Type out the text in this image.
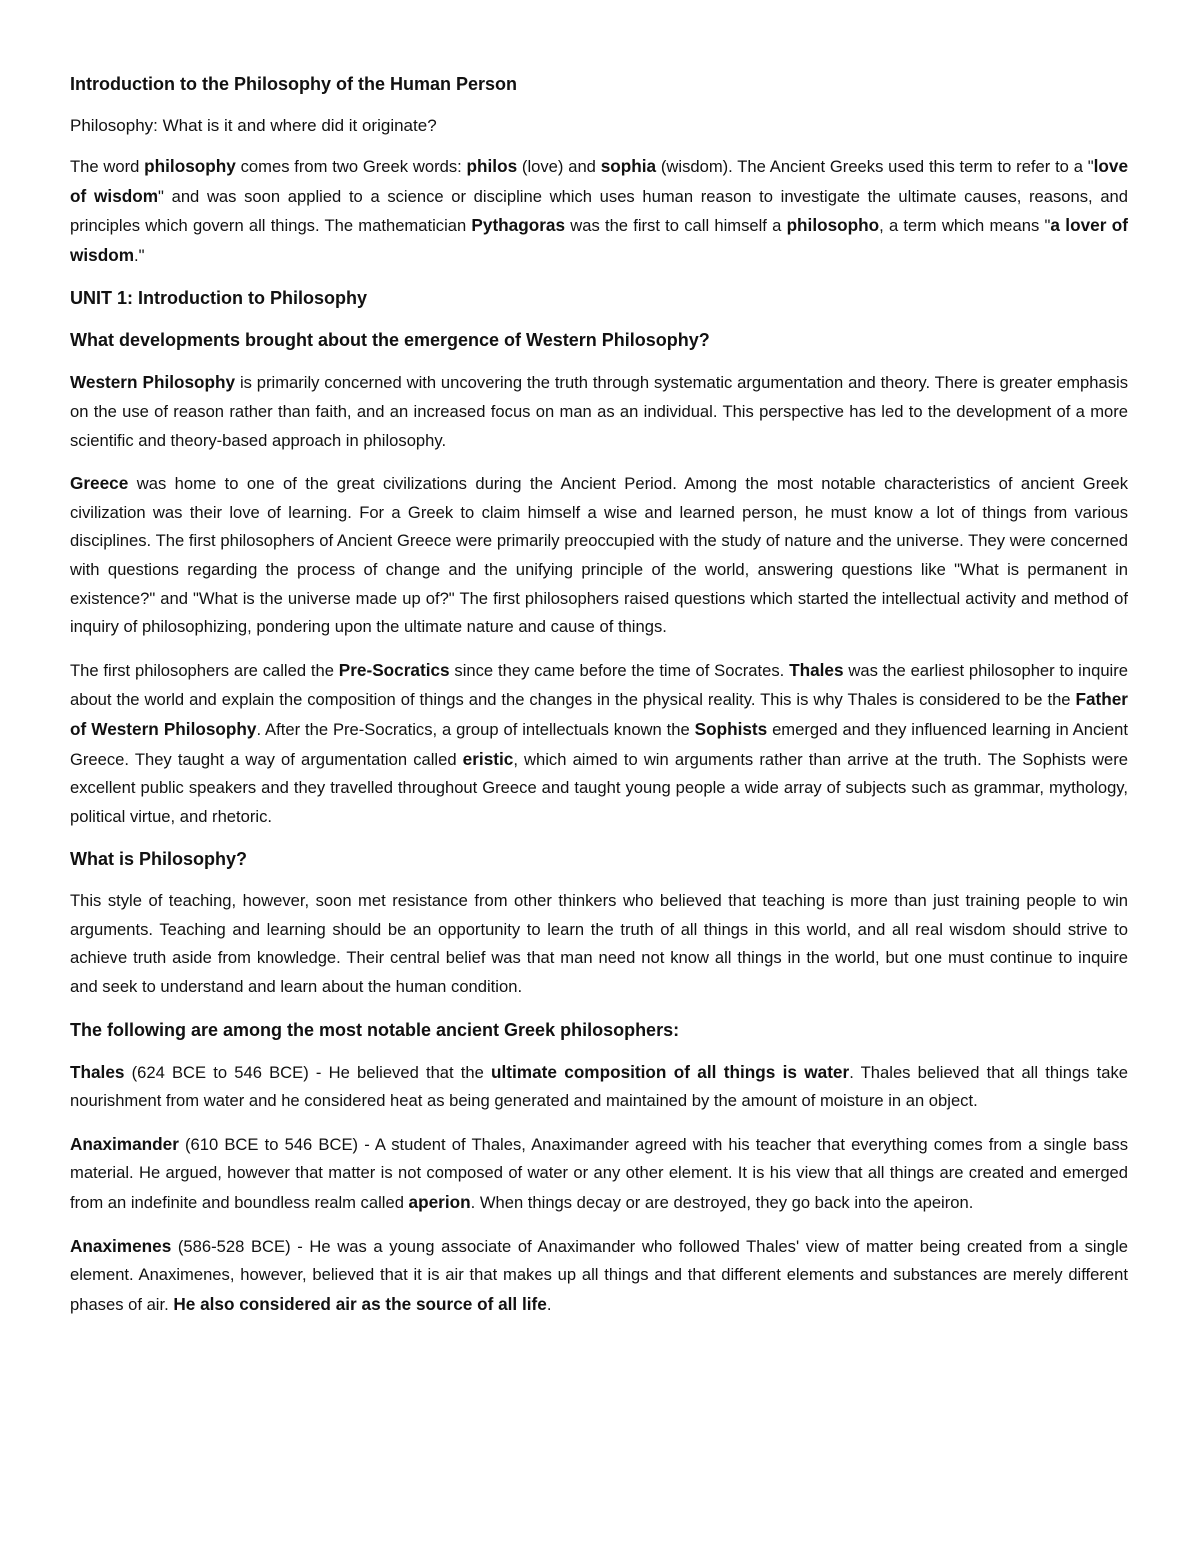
Introduction to the Philosophy of the Human Person
Philosophy: What is it and where did it originate?

The word philosophy comes from two Greek words: philos (love) and sophia (wisdom). The Ancient Greeks used this term to refer to a "love of wisdom" and was soon applied to a science or discipline which uses human reason to investigate the ultimate causes, reasons, and principles which govern all things. The mathematician Pythagoras was the first to call himself a philosopho, a term which means "a lover of wisdom."

UNIT 1: Introduction to Philosophy
What developments brought about the emergence of Western Philosophy?

Western Philosophy is primarily concerned with uncovering the truth through systematic argumentation and theory. There is greater emphasis on the use of reason rather than faith, and an increased focus on man as an individual. This perspective has led to the development of a more scientific and theory-based approach in philosophy.

Greece was home to one of the great civilizations during the Ancient Period. Among the most notable characteristics of ancient Greek civilization was their love of learning. For a Greek to claim himself a wise and learned person, he must know a lot of things from various disciplines. The first philosophers of Ancient Greece were primarily preoccupied with the study of nature and the universe. They were concerned with questions regarding the process of change and the unifying principle of the world, answering questions like "What is permanent in existence?" and "What is the universe made up of?" The first philosophers raised questions which started the intellectual activity and method of inquiry of philosophizing, pondering upon the ultimate nature and cause of things.

The first philosophers are called the Pre-Socratics since they came before the time of Socrates. Thales was the earliest philosopher to inquire about the world and explain the composition of things and the changes in the physical reality. This is why Thales is considered to be the Father of Western Philosophy. After the Pre-Socratics, a group of intellectuals known the Sophists emerged and they influenced learning in Ancient Greece. They taught a way of argumentation called eristic, which aimed to win arguments rather than arrive at the truth. The Sophists were excellent public speakers and they travelled throughout Greece and taught young people a wide array of subjects such as grammar, mythology, political virtue, and rhetoric.

What is Philosophy?

This style of teaching, however, soon met resistance from other thinkers who believed that teaching is more than just training people to win arguments. Teaching and learning should be an opportunity to learn the truth of all things in this world, and all real wisdom should strive to achieve truth aside from knowledge. Their central belief was that man need not know all things in the world, but one must continue to inquire and seek to understand and learn about the human condition.

The following are among the most notable ancient Greek philosophers:

Thales (624 BCE to 546 BCE) - He believed that the ultimate composition of all things is water. Thales believed that all things take nourishment from water and he considered heat as being generated and maintained by the amount of moisture in an object.

Anaximander (610 BCE to 546 BCE) - A student of Thales, Anaximander agreed with his teacher that everything comes from a single bass material. He argued, however that matter is not composed of water or any other element. It is his view that all things are created and emerged from an indefinite and boundless realm called aperion. When things decay or are destroyed, they go back into the apeiron.

Anaximenes (586-528 BCE) - He was a young associate of Anaximander who followed Thales' view of matter being created from a single element. Anaximenes, however, believed that it is air that makes up all things and that different elements and substances are merely different phases of air. He also considered air as the source of all life.
